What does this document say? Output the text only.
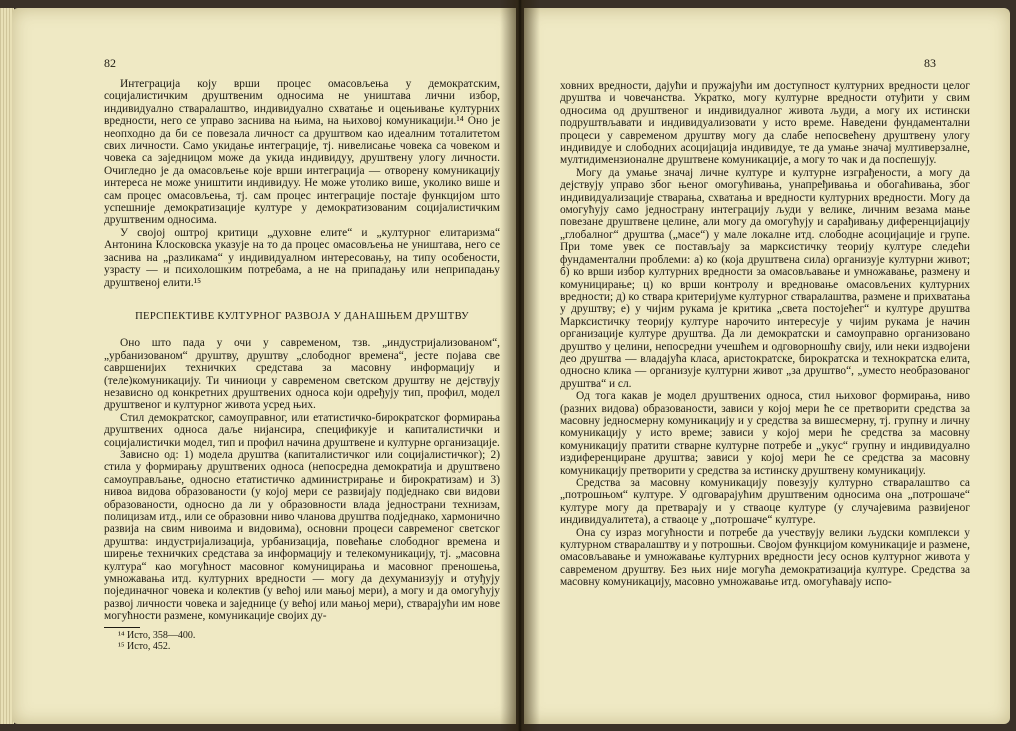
82

Интеграција коју врши процес омасовљења у демократским, социјалистичким друштвеним односима не уништава лични избор, индивидуално стваралаштво, индивидуално схватање и оцењивање културних вредности, него се управо заснива на њима, на њиховој комуникацији.¹⁴ Оно је неопходно да би се повезала личност са друштвом као идеалним тоталитетом свих личности. Само укидање интеграције, тј. нивелисање човека са човеком и човека са заједницом може да укида индивидуу, друштвену улогу личности. Очигледно је да омасовљење које врши интеграција — отворену комуникацију интереса не може уништити индивидуу. Не може утолико више, уколико више и сам процес омасовљења, тј. сам процес интеграције постаје функцијом што успешније демократизације културе у демократизованим социјалистичким друштвеним односима.

У својој оштрој критици „духовне елите“ и „културног елитаризма“ Антонина Клосковска указује на то да процес омасовљења не уништава, него се заснива на „разликама“ у индивидуалном интересовању, на типу особености, узрасту — и психолошким потребама, а не на припадању или неприпадању друштвеној елити.¹⁵

ПЕРСПЕКТИВЕ КУЛТУРНОГ РАЗВОЈА У ДАНАШЊЕМ ДРУШТВУ

Оно што пада у очи у савременом, тзв. „индустријализованом“, „урбанизованом“ друштву, друштву „слободног времена“, јесте појава све савршенијих техничких средстава за масовну информацију и (теле)комуникацију. Ти чиниоци у савременом светском друштву не дејствују независно од конкретних друштвених односа који одређују тип, профил, модел друштвеног и културног живота усред њих.

Стил демократског, самоуправног, или етатистичко-бирократског формирања друштвених односа даље нијансира, спецификује и капиталистички и социјалистички модел, тип и профил начина друштвене и културне организације.

Зависно од: 1) модела друштва (капиталистичког или социјалистичког); 2) стила у формирању друштвених односа (непосредна демократија и друштвено самоуправљање, односно етатистичко администрирање и бирократизам) и 3) нивоа видова образованости (у којој мери се развијају подједнако сви видови образованости, односно да ли у образовности влада једнострани технизам, полицизам итд., или се образовни ниво чланова друштва подједнако, хармонично развија на свим нивоима и видовима), основни процеси савременог светског друштва: индустријализација, урбанизација, повећање слободног времена и ширење техничких средстава за информацију и телекомуникацију, тј. „масовна култура“ као могућност масовног комуницирања и масовног преношења, умножавања итд. културних вредности — могу да дехуманизују и отуђују појединачног човека и колектив (у већој или мањој мери), а могу и да омогућују развој личности човека и заједнице (у већој или мањој мери), стварајући им нове могућности размене, комуникације својих ду-

¹⁴ Исто, 358—400.
¹⁵ Исто, 452.
83

ховних вредности, дајући и пружајући им доступност културних вредности целог друштва и човечанства. Укратко, могу културне вредности отуђити у свим односима од друштвеног и индивидуалног живота људи, а могу их истински подруштвљавати и индивидуализовати у исто време. Наведени фундаментални процеси у савременом друштву могу да слабе непосвећену друштвену улогу индивидуе и слободних асоцијација индивидуе, те да умање значај мултиверзалне, мултидимензионалне друштвене комуникације, а могу то чак и да поспешују.

Могу да умање значај личне културе и културне изграђености, а могу да дејствују управо због њеног омогућивања, унапређивања и обогаћивања, због индивидуализације стварања, схватања и вредности културних вредности. Могу да омогућују само једнострану интеграцију људи у велике, личним везама мање повезане друштвене целине, али могу да омогућују и сарађивању диференцијацију „глобалног“ друштва („масе“) у мале локалне итд. слободне асоцијације и групе. При томе увек се постављају за марксистичку теорију културе следећи фундаментални проблеми: а) ко (која друштвена сила) организује културни живот; б) ко врши избор културних вредности за омасовљавање и умножавање, размену и комуницирање; ц) ко врши контролу и вредновање омасовљених културних вредности; д) ко ствара критеријуме културног стваралаштва, размене и прихватања у друштву; е) у чијим рукама је критика „света постојећег“ и културе друштва Марксистичку теорију културе нарочито интересује у чијим рукама је начин организације културе друштва. Да ли демократски и самоуправно организовано друштво у целини, непосредни учешћем и одговорношћу свију, или неки издвојени део друштва — владајућа класа, аристократске, бирократска и технократска елита, односно клика — организује културни живот „за друштво“, „уместо необразованог друштва“ и сл.

Од тога какав је модел друштвених односа, стил њиховог формирања, ниво (разних видова) образованости, зависи у којој мери ће се претворити средства за масовну једносмерну комуникацију и у средства за вишесмерну, тј. групну и личну комуникацију у исто време; зависи у којој мери ће средства за масовну комуникацију пратити стварне културне потребе и „укус“ групну и индивидуално издиференциране друштва; зависи у којој мери ће се средства за масовну комуникацију претворити у средства за истинску друштвену комуникацију.

Средства за масовну комуникацију повезују културно стваралаштво са „потрошњом“ културе. У одговарајућим друштвеним односима она „потрошаче“ културе могу да претварају и у стваоце културе (у случајевима развијеног индивидуалитета), а стваоце у „потрошаче“ културе.

Она су израз могућности и потребе да учествују велики људски комплекси у културном стваралаштву и у потрошњи. Својом функцијом комуникације и размене, омасовљавање и умножавање културних вредности јесу основ културног живота у савременом друштву. Без њих није могућа демократизација културе. Средства за масовну комуникацију, масовно умножавање итд. омогућавају испо-
